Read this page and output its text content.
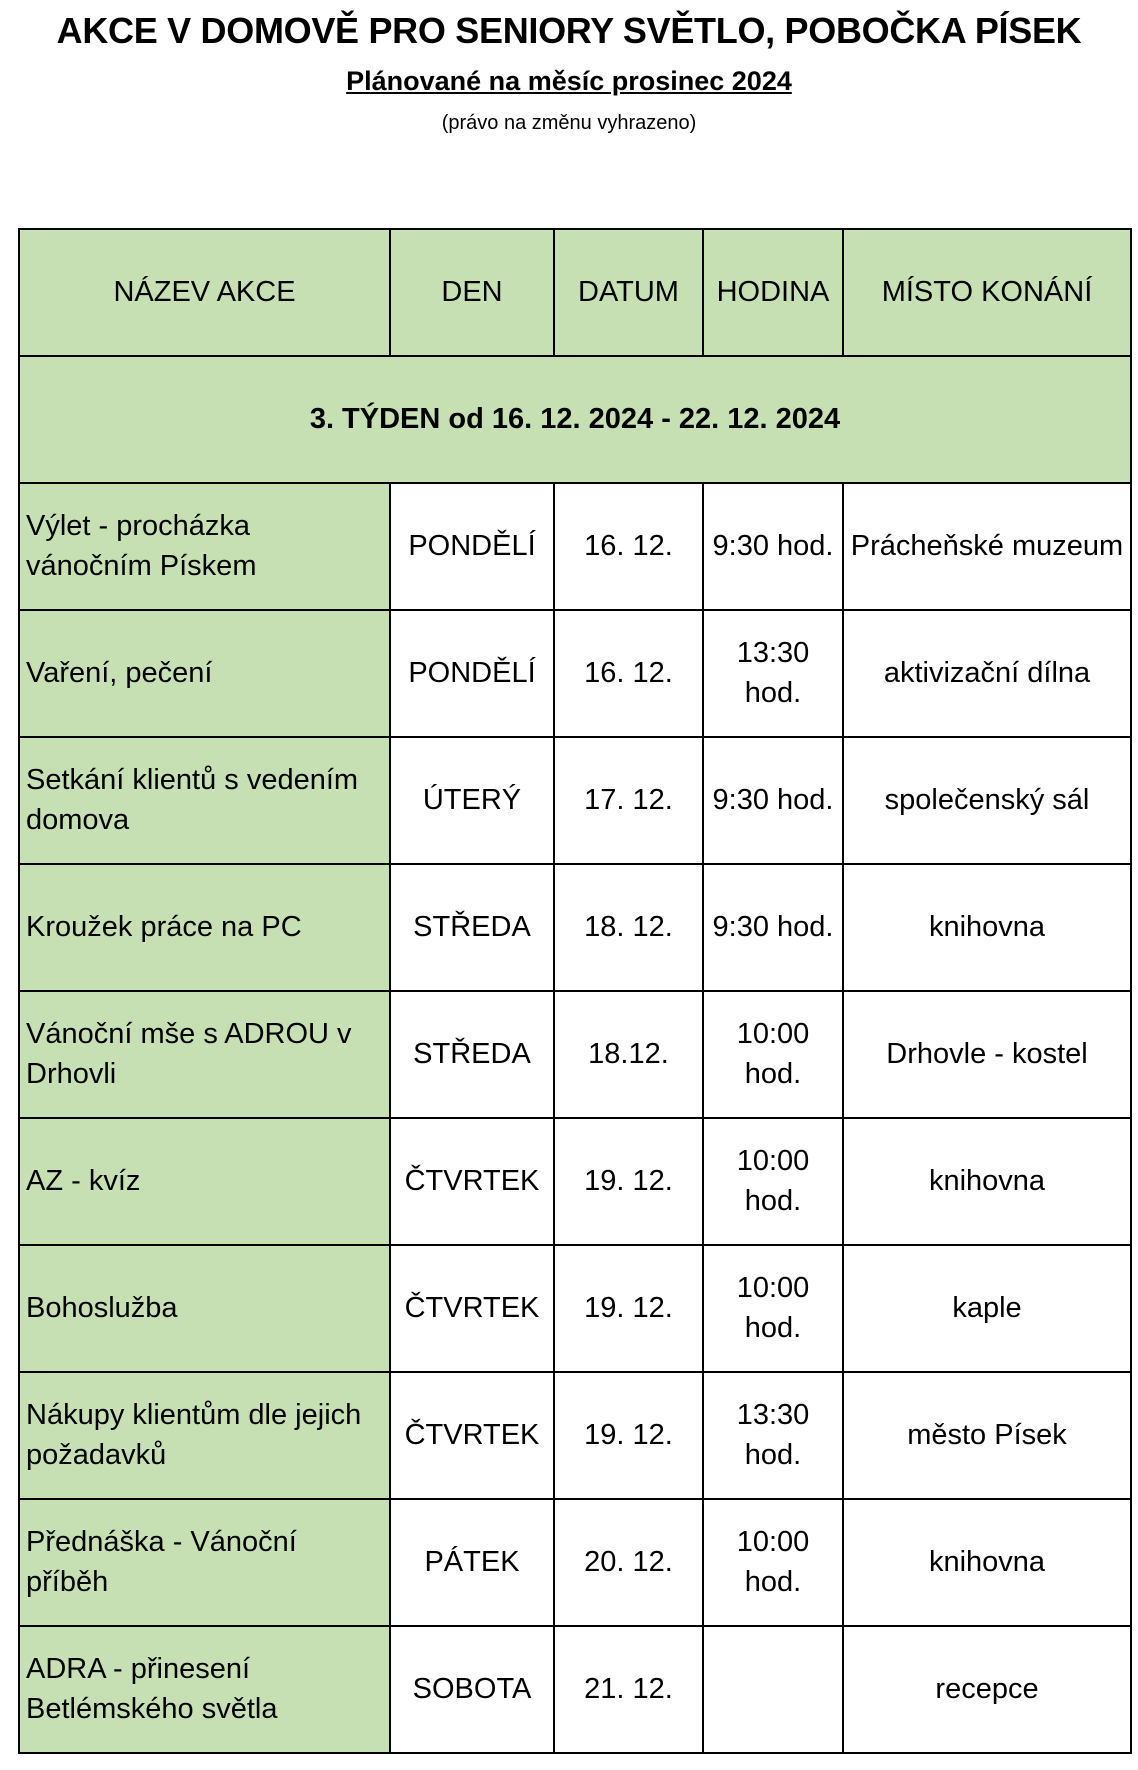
AKCE V DOMOVĚ PRO SENIORY SVĚTLO, POBOČKA PÍSEK
Plánované na měsíc prosinec 2024
(právo na změnu vyhrazeno)
NÁZEV AKCE	DEN	DATUM	HODINA	MÍSTO KONÁNÍ
3. TÝDEN od 16. 12. 2024 - 22. 12. 2024				
Výlet - procházka vánočním Pískem	PONDĚLÍ	16. 12.	9:30 hod.	Prácheňské muzeum
Vaření, pečení	PONDĚLÍ	16. 12.	13:30 hod.	aktivizační dílna
Setkání klientů s vedením domova	ÚTERÝ	17. 12.	9:30 hod.	společenský sál
Kroužek práce na PC	STŘEDA	18. 12.	9:30 hod.	knihovna
Vánoční mše s ADROU v Drhovli	STŘEDA	18.12.	10:00 hod.	Drhovle - kostel
AZ - kvíz	ČTVRTEK	19. 12.	10:00 hod.	knihovna
Bohoslužba	ČTVRTEK	19. 12.	10:00 hod.	kaple
Nákupy klientům dle jejich požadavků	ČTVRTEK	19. 12.	13:30 hod.	město Písek
Přednáška - Vánoční příběh	PÁTEK	20. 12.	10:00 hod.	knihovna
ADRA - přinesení Betlémského světla	SOBOTA	21. 12.		recepce
